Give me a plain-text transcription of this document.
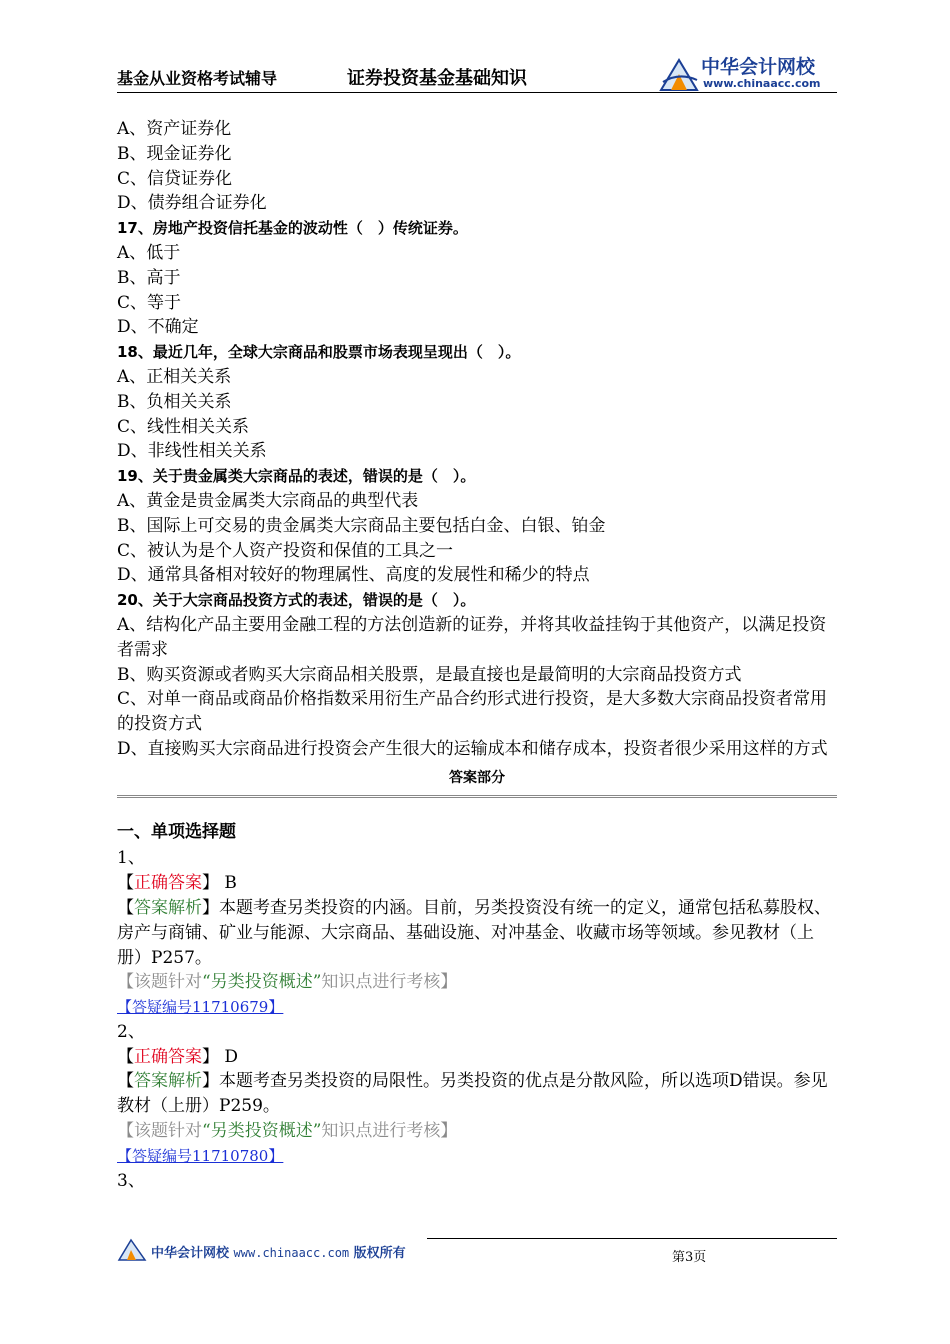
基金从业资格考试辅导	证券投资基金基础知识
中华会计网校
www.chinaacc.com
A、资产证券化
B、现金证券化
C、信贷证券化
D、债券组合证券化
17、房地产投资信托基金的波动性（　）传统证券。
A、低于
B、高于
C、等于
D、不确定
18、最近几年，全球大宗商品和股票市场表现呈现出（　）。
A、正相关关系
B、负相关关系
C、线性相关关系
D、非线性相关关系
19、关于贵金属类大宗商品的表述，错误的是（　）。
A、黄金是贵金属类大宗商品的典型代表
B、国际上可交易的贵金属类大宗商品主要包括白金、白银、铂金
C、被认为是个人资产投资和保值的工具之一
D、通常具备相对较好的物理属性、高度的发展性和稀少的特点
20、关于大宗商品投资方式的表述，错误的是（　）。
A、结构化产品主要用金融工程的方法创造新的证券，并将其收益挂钩于其他资产，以满足投资者需求
B、购买资源或者购买大宗商品相关股票，是最直接也是最简明的大宗商品投资方式
C、对单一商品或商品价格指数采用衍生产品合约形式进行投资，是大多数大宗商品投资者常用的投资方式
D、直接购买大宗商品进行投资会产生很大的运输成本和储存成本，投资者很少采用这样的方式
答案部分
一、单项选择题
1、
【正确答案】 B
【答案解析】本题考查另类投资的内涵。目前，另类投资没有统一的定义，通常包括私募股权、房产与商铺、矿业与能源、大宗商品、基础设施、对冲基金、收藏市场等领域。参见教材（上册）P257。
【该题针对“另类投资概述”知识点进行考核】
【答疑编号11710679】
2、
【正确答案】 D
【答案解析】本题考查另类投资的局限性。另类投资的优点是分散风险，所以选项D错误。参见教材（上册）P259。
【该题针对“另类投资概述”知识点进行考核】
【答疑编号11710780】
3、
中华会计网校 www.chinaacc.com 版权所有	第3页
